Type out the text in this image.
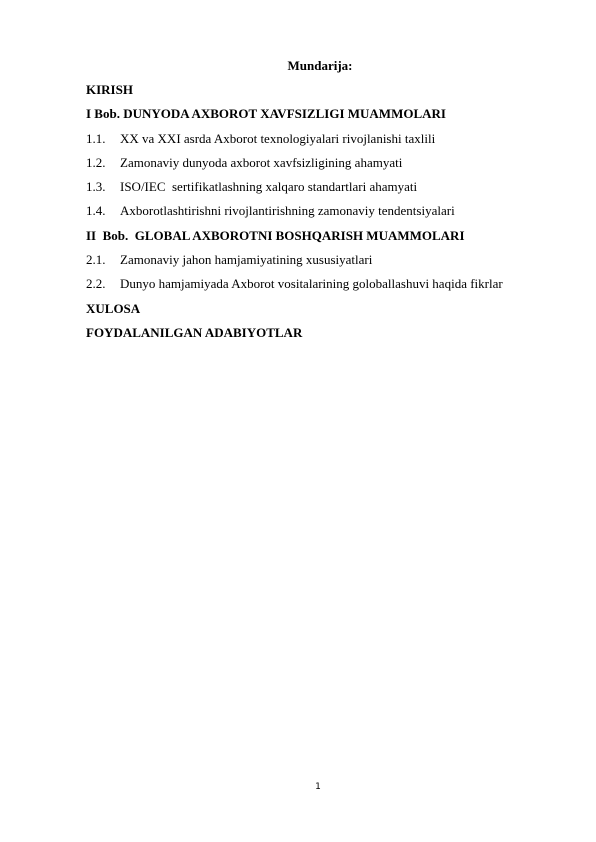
Mundarija:
KIRISH
I Bob. DUNYODA AXBOROT XAVFSIZLIGI MUAMMOLARI
1.1.	XX va XXI asrda Axborot texnologiyalari rivojlanishi taxlili
1.2.	Zamonaviy dunyoda axborot xavfsizligining ahamyati
1.3.	ISO/IEC  sertifikatlashning xalqaro standartlari ahamyati
1.4.	Axborotlashtirishni rivojlantirishning zamonaviy tendentsiyalari
II  Bob.  GLOBAL AXBOROTNI BOSHQARISH MUAMMOLARI
2.1.	Zamonaviy jahon hamjamiyatining xususiyatlari
2.2.	Dunyo hamjamiyada Axborot vositalarining goloballashuvi haqida fikrlar
XULOSA
FOYDALANILGAN ADABIYOTLAR
1
